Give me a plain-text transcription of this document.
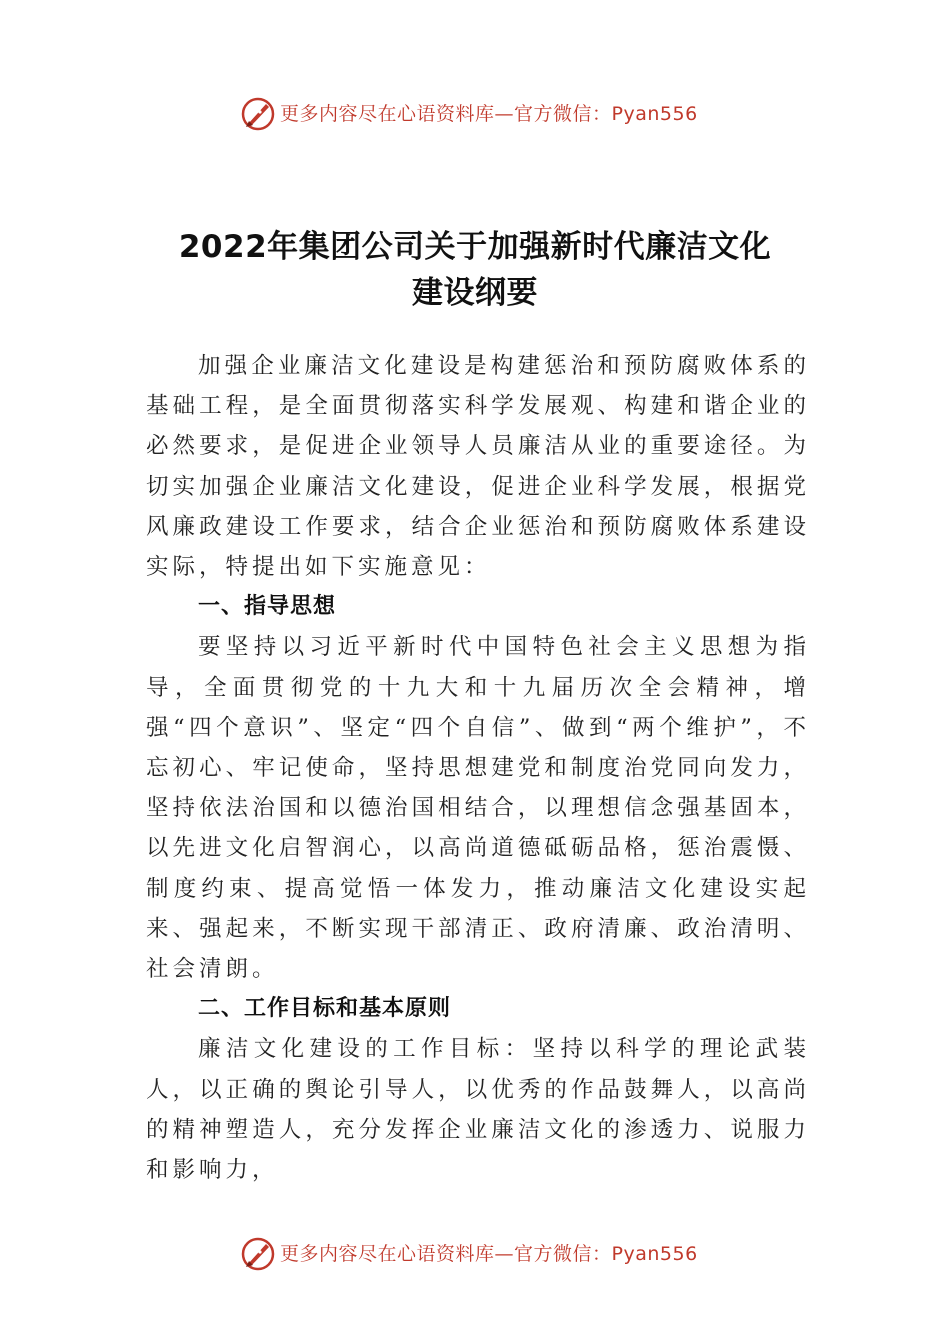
更多内容尽在心语资料库—官方微信：Pyan556
2022年集团公司关于加强新时代廉洁文化
建设纲要

加强企业廉洁文化建设是构建惩治和预防腐败体系的基础工程，是全面贯彻落实科学发展观、构建和谐企业的必然要求，是促进企业领导人员廉洁从业的重要途径。为切实加强企业廉洁文化建设，促进企业科学发展，根据党风廉政建设工作要求，结合企业惩治和预防腐败体系建设实际，特提出如下实施意见：

一、指导思想

要坚持以习近平新时代中国特色社会主义思想为指导，全面贯彻党的十九大和十九届历次全会精神，增强“四个意识”、坚定“四个自信”、做到“两个维护”，不忘初心、牢记使命，坚持思想建党和制度治党同向发力，坚持依法治国和以德治国相结合，以理想信念强基固本，以先进文化启智润心，以高尚道德砥砺品格，惩治震慑、制度约束、提高觉悟一体发力，推动廉洁文化建设实起来、强起来，不断实现干部清正、政府清廉、政治清明、社会清朗。

二、工作目标和基本原则

廉洁文化建设的工作目标：坚持以科学的理论武装人，以正确的舆论引导人，以优秀的作品鼓舞人，以高尚的精神塑造人，充分发挥企业廉洁文化的渗透力、说服力和影响力，

更多内容尽在心语资料库—官方微信：Pyan556
